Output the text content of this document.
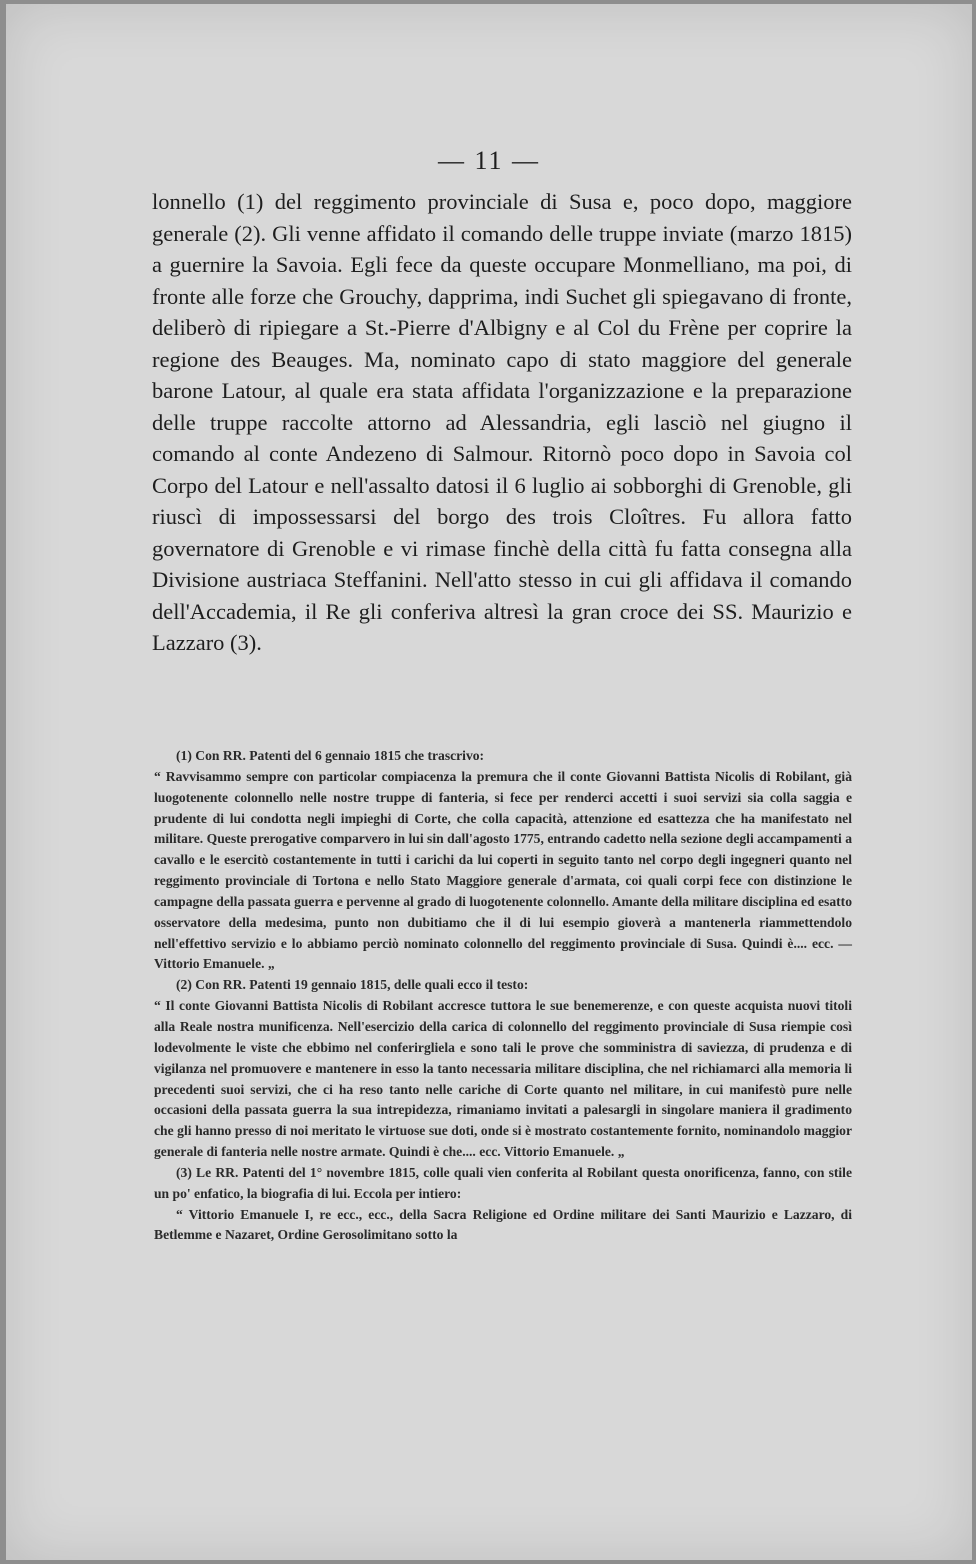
— 11 —

lonnello (1) del reggimento provinciale di Susa e, poco dopo, maggiore generale (2). Gli venne affidato il comando delle truppe inviate (marzo 1815) a guernire la Savoia. Egli fece da queste occupare Monmelliano, ma poi, di fronte alle forze che Grouchy, dapprima, indi Suchet gli spiegavano di fronte, deliberò di ripiegare a St.-Pierre d'Albigny e al Col du Frène per coprire la regione des Beauges. Ma, nominato capo di stato maggiore del generale barone Latour, al quale era stata affidata l'organizzazione e la preparazione delle truppe raccolte attorno ad Alessandria, egli lasciò nel giugno il comando al conte Andezeno di Salmour. Ritornò poco dopo in Savoia col Corpo del Latour e nell'assalto datosi il 6 luglio ai sobborghi di Grenoble, gli riuscì di impossessarsi del borgo des trois Cloîtres. Fu allora fatto governatore di Grenoble e vi rimase finchè della città fu fatta consegna alla Divisione austriaca Steffanini. Nell'atto stesso in cui gli affidava il comando dell'Accademia, il Re gli conferiva altresì la gran croce dei SS. Maurizio e Lazzaro (3).

(1) Con RR. Patenti del 6 gennaio 1815 che trascrivo:

“ Ravvisammo sempre con particolar compiacenza la premura che il conte Giovanni Battista Nicolis di Robilant, già luogotenente colonnello nelle nostre truppe di fanteria, si fece per renderci accetti i suoi servizi sia colla saggia e prudente di lui condotta negli impieghi di Corte, che colla capacità, attenzione ed esattezza che ha manifestato nel militare. Queste prerogative comparvero in lui sin dall'agosto 1775, entrando cadetto nella sezione degli accampamenti a cavallo e le esercitò costantemente in tutti i carichi da lui coperti in seguito tanto nel corpo degli ingegneri quanto nel reggimento provinciale di Tortona e nello Stato Maggiore generale d'armata, coi quali corpi fece con distinzione le campagne della passata guerra e pervenne al grado di luogotenente colonnello. Amante della militare disciplina ed esatto osservatore della medesima, punto non dubitiamo che il di lui esempio gioverà a mantenerla riammettendolo nell'effettivo servizio e lo abbiamo perciò nominato colonnello del reggimento provinciale di Susa. Quindi è.... ecc. — Vittorio Emanuele. „

(2) Con RR. Patenti 19 gennaio 1815, delle quali ecco il testo:

“ Il conte Giovanni Battista Nicolis di Robilant accresce tuttora le sue benemerenze, e con queste acquista nuovi titoli alla Reale nostra munificenza. Nell'esercizio della carica di colonnello del reggimento provinciale di Susa riempie così lodevolmente le viste che ebbimo nel conferirgliela e sono tali le prove che somministra di saviezza, di prudenza e di vigilanza nel promuovere e mantenere in esso la tanto necessaria militare disciplina, che nel richiamarci alla memoria li precedenti suoi servizi, che ci ha reso tanto nelle cariche di Corte quanto nel militare, in cui manifestò pure nelle occasioni della passata guerra la sua intrepidezza, rimaniamo invitati a palesargli in singolare maniera il gradimento che gli hanno presso di noi meritato le virtuose sue doti, onde si è mostrato costantemente fornito, nominandolo maggior generale di fanteria nelle nostre armate. Quindi è che.... ecc. Vittorio Emanuele. „

(3) Le RR. Patenti del 1° novembre 1815, colle quali vien conferita al Robilant questa onorificenza, fanno, con stile un po' enfatico, la biografia di lui. Eccola per intiero:

“ Vittorio Emanuele I, re ecc., ecc., della Sacra Religione ed Ordine militare dei Santi Maurizio e Lazzaro, di Betlemme e Nazaret, Ordine Gerosolimitano sotto la
